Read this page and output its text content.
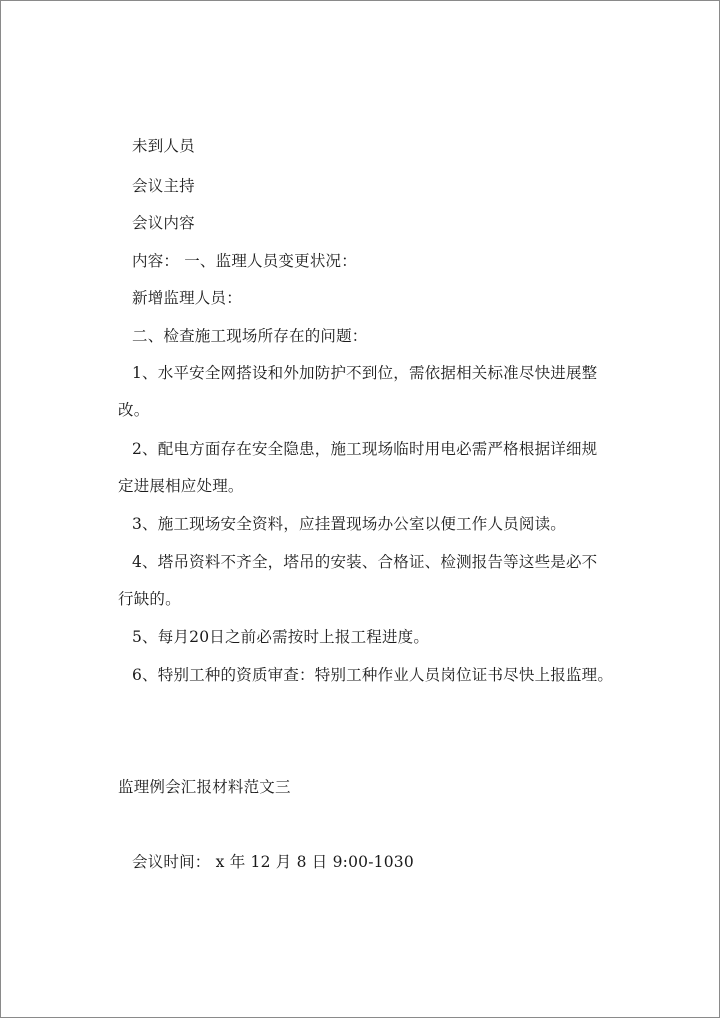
未到人员
会议主持
会议内容
内容： 一、监理人员变更状况：
新增监理人员：
二、检查施工现场所存在的问题：
1、水平安全网搭设和外加防护不到位，需依据相关标准尽快进展整
改。
2、配电方面存在安全隐患，施工现场临时用电必需严格根据详细规
定进展相应处理。
3、施工现场安全资料，应挂置现场办公室以便工作人员阅读。
4、塔吊资料不齐全，塔吊的安装、合格证、检测报告等这些是必不
行缺的。
5、每月20日之前必需按时上报工程进度。
6、特别工种的资质审查：特别工种作业人员岗位证书尽快上报监理。
监理例会汇报材料范文三
会议时间： x 年 12 月 8 日 9:00-1030
